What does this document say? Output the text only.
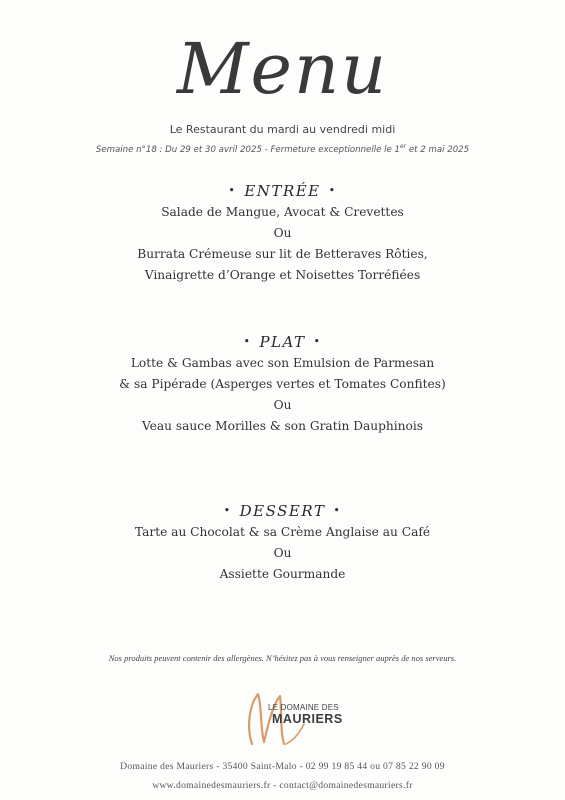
Menu
Le Restaurant du mardi au vendredi midi
Semaine n°18 : Du 29 et 30 avril 2025 - Fermeture exceptionnelle le 1er et 2 mai 2025
• ENTRÉE •
Salade de Mangue, Avocat & Crevettes
Ou
Burrata Crémeuse sur lit de Betteraves Rôties,
Vinaigrette d’Orange et Noisettes Torréfiées
• PLAT •
Lotte & Gambas avec son Emulsion de Parmesan
& sa Pipérade (Asperges vertes et Tomates Confites)
Ou
Veau sauce Morilles & son Gratin Dauphinois
• DESSERT •
Tarte au Chocolat & sa Crème Anglaise au Café
Ou
Assiette Gourmande
Nos produits peuvent contenir des allergènes. N’hésitez pas à vous renseigner auprès de nos serveurs.
LE DOMAINE DES
MAURIERS
Domaine des Mauriers - 35400 Saint-Malo - 02 99 19 85 44 ou 07 85 22 90 09
www.domainedesmauriers.fr - contact@domainedesmauriers.fr
